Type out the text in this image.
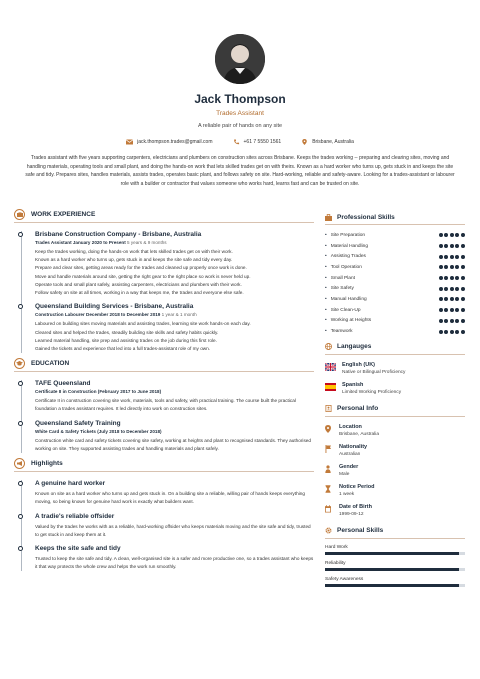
Jack Thompson
Trades Assistant
A reliable pair of hands on any site
jack.thompson.trades@gmail.com	+61 7 5550 1561	Brisbane, Australia
Trades assistant with five years supporting carpenters, electricians and plumbers on construction sites across Brisbane. Keeps the trades working -- preparing and clearing sites, moving and handling materials, operating tools and small plant, and doing the hands-on work that lets skilled trades get on with theirs. Known as a hard worker who turns up, gets stuck in and keeps the site safe and tidy. Prepares sites, handles materials, assists trades, operates basic plant, and follows safety on site. Hard-working, reliable and safety-aware. Looking for a trades-assistant or labourer role with a builder or contractor that values someone who works hard, learns fast and can be trusted on site.
WORK EXPERIENCE
Brisbane Construction Company - Brisbane, Australia
Trades Assistant January 2020 to Present 5 years & 9 months
Keep the trades working, doing the hands-on work that lets skilled trades get on with their work.
Known as a hard worker who turns up, gets stuck in and keeps the site safe and tidy every day.
Prepare and clear sites, getting areas ready for the trades and cleaned up properly once work is done.
Move and handle materials around site, getting the right gear to the right place so work is never held up.
Operate tools and small plant safely, assisting carpenters, electricians and plumbers with their work.
Follow safety on site at all times, working in a way that keeps me, the trades and everyone else safe.
Queensland Building Services - Brisbane, Australia
Construction Labourer December 2018 to December 2019 1 year & 1 month
Laboured on building sites moving materials and assisting trades, learning site work hands-on each day.
Cleared sites and helped the trades, steadily building site skills and safety habits quickly.
Learned material handling, site prep and assisting trades on the job during this first role.
Gained the tickets and experience that led into a full trades-assistant role of my own.
EDUCATION
TAFE Queensland
Certificate II in Construction (February 2017 to June 2018)
Certificate II in construction covering site work, materials, tools and safety, with practical training. The course built the practical foundation a trades assistant requires. It led directly into work on construction sites.
Queensland Safety Training
White Card & Safety Tickets (July 2018 to December 2018)
Construction white card and safety tickets covering site safety, working at heights and plant to recognised standards. They authorised working on site. They supported assisting trades and handling materials and plant safely.
Highlights
A genuine hard worker
Known on site as a hard worker who turns up and gets stuck in. On a building site a reliable, willing pair of hands keeps everything moving, so being known for genuine hard work is exactly what builders want.
A tradie's reliable offsider
Valued by the trades he works with as a reliable, hard-working offsider who keeps materials moving and the site safe and tidy, trusted to get stuck in and keep them at it.
Keeps the site safe and tidy
Trusted to keep the site safe and tidy. A clean, well-organised site is a safer and more productive one, so a trades assistant who keeps it that way protects the whole crew and helps the work run smoothly.
Professional Skills
• Site Preparation
• Material Handling
• Assisting Trades
• Tool Operation
• Small Plant
• Site Safety
• Manual Handling
• Site Clean-Up
• Working at Heights
• Teamwork
Langauges
English (UK)
Native or Bilingual Proficiency
Spanish
Limited Working Proficiency
Personal Info
Location
Brisbane, Australia
Nationality
Australian
Gender
Male
Notice Period
1 week
Date of Birth
1999-09-12
Personal Skills
Hard Work
Reliability
Safety Awareness
